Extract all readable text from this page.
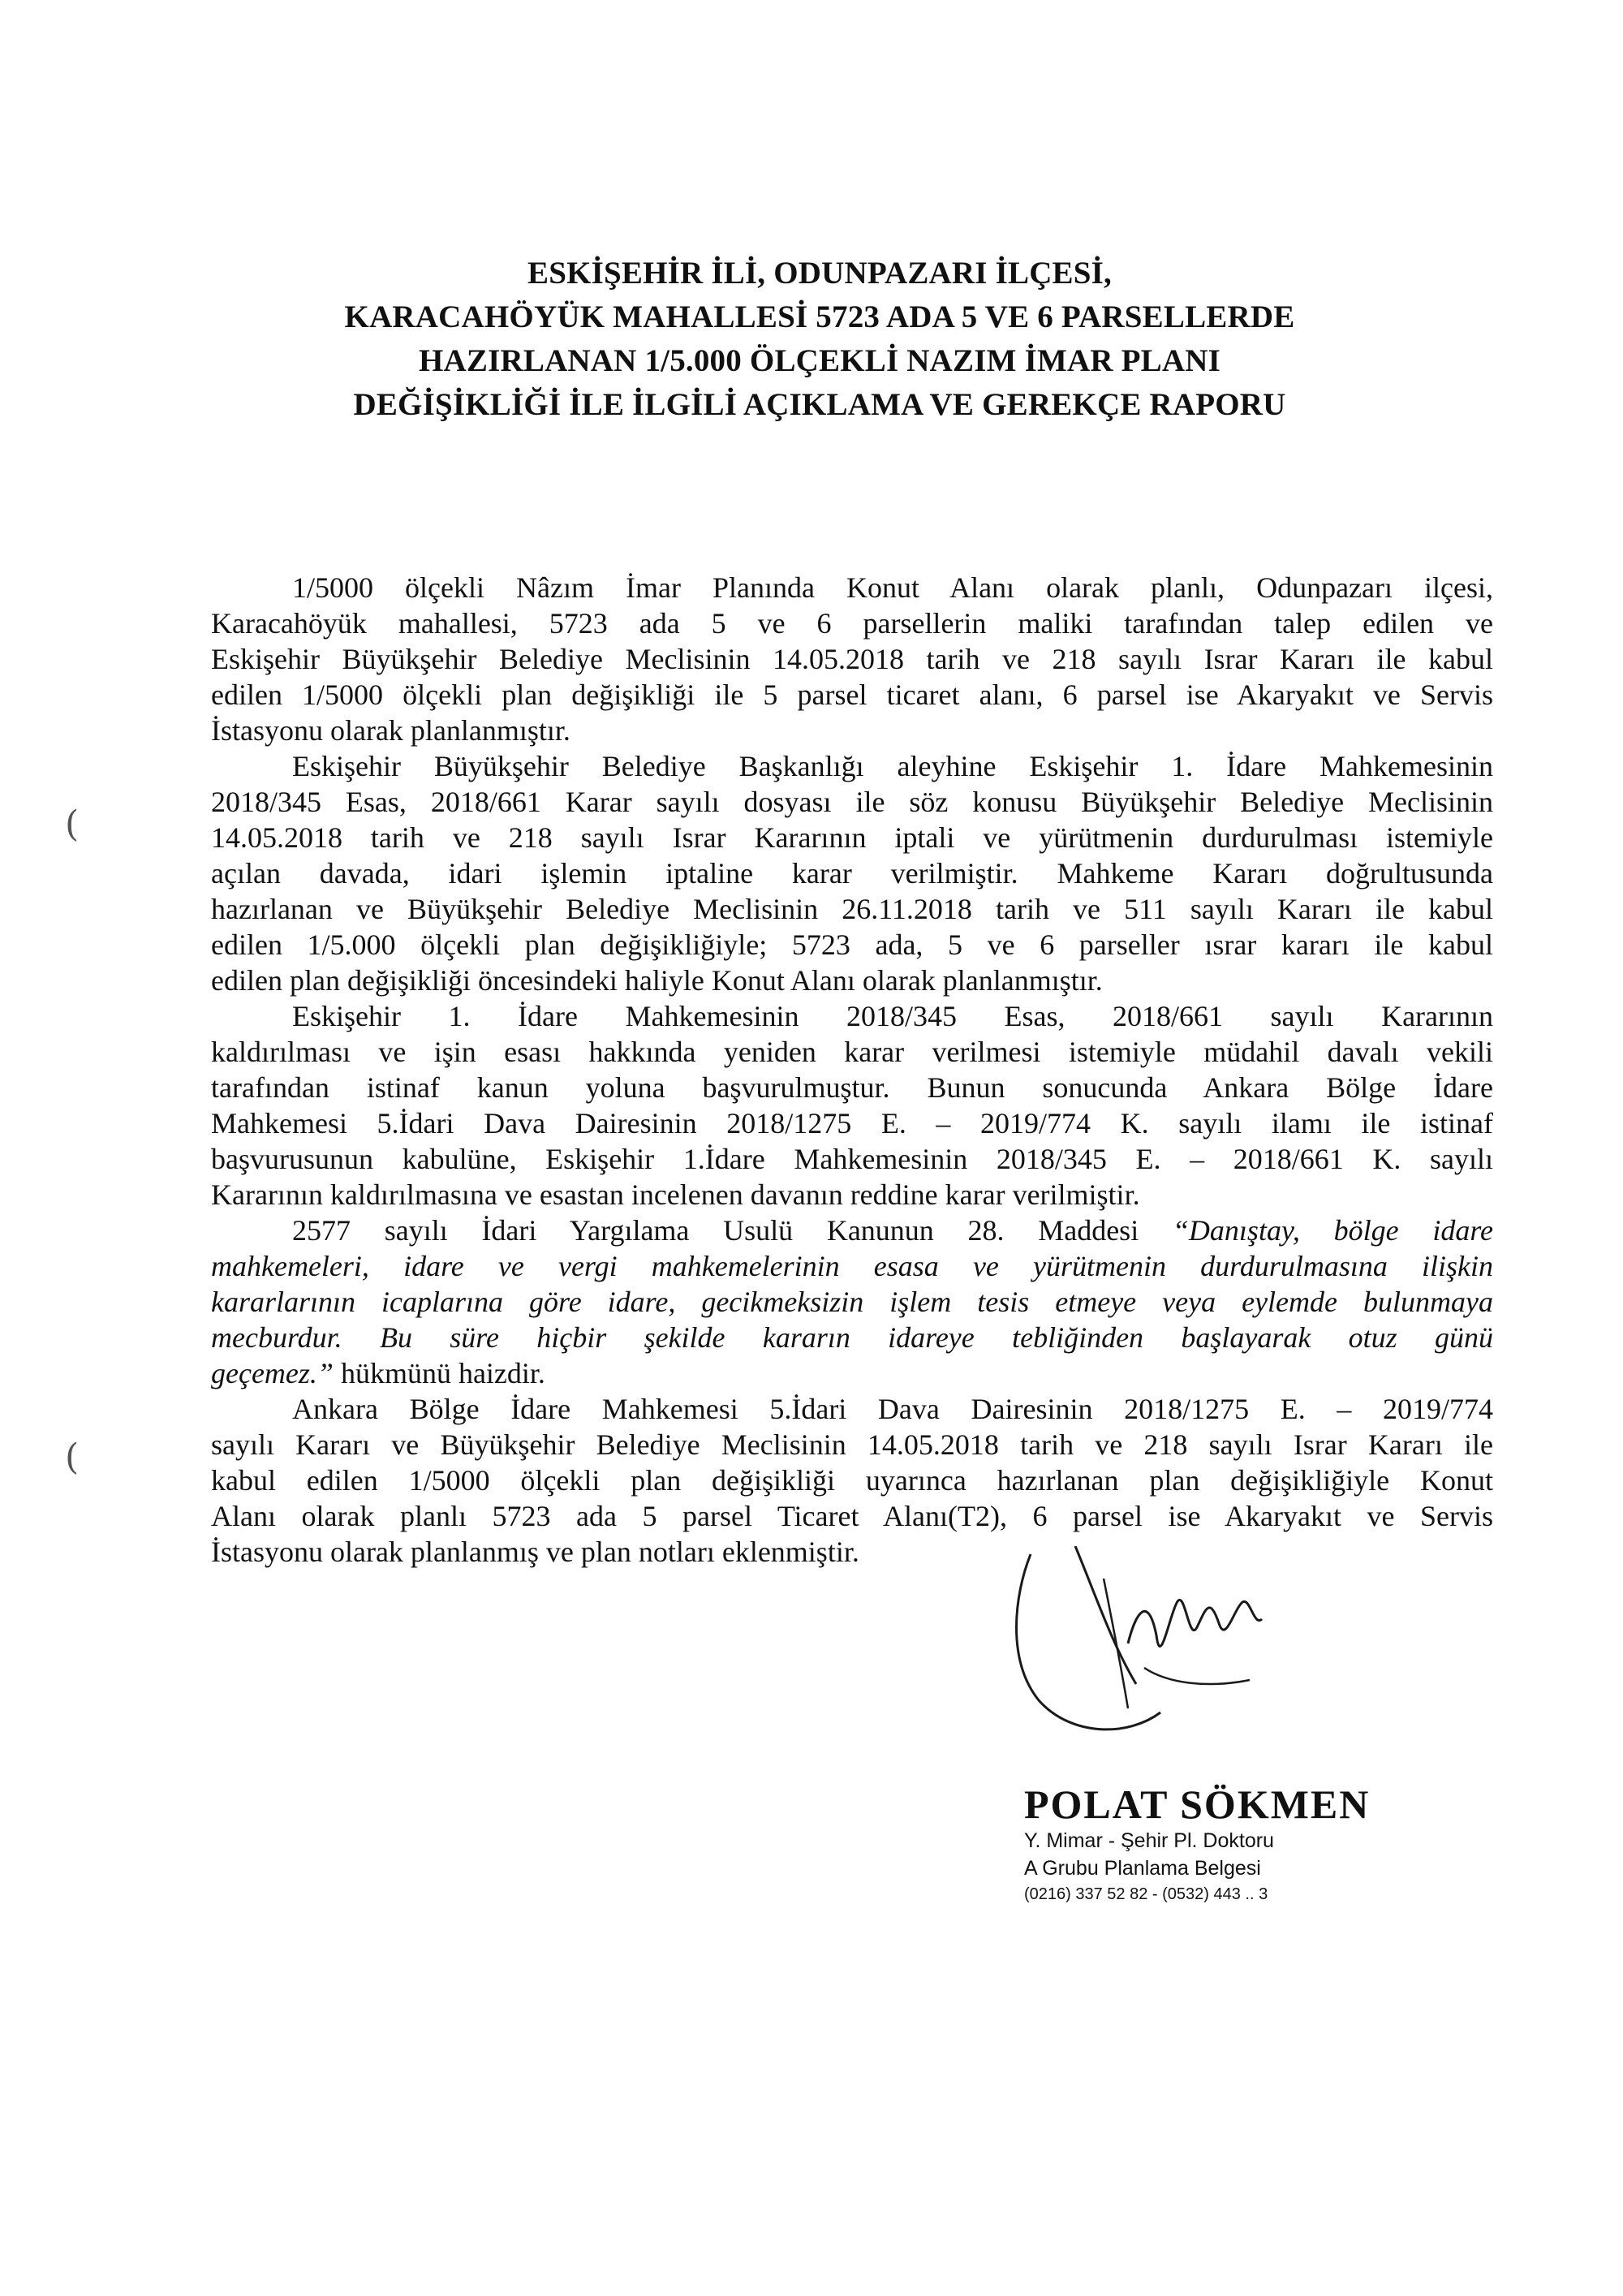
ESKİŞEHİR İLİ, ODUNPAZARI İLÇESİ,
KARACAHÖYÜK MAHALLESİ 5723 ADA 5 VE 6 PARSELLERDE
HAZIRLANAN 1/5.000 ÖLÇEKLİ NAZIM İMAR PLANI
DEĞİŞİKLİĞİ İLE İLGİLİ AÇIKLAMA VE GEREKÇE RAPORU
(
(
1/5000 ölçekli Nâzım İmar Planında Konut Alanı olarak planlı, Odunpazarı ilçesi,
Karacahöyük mahallesi, 5723 ada 5 ve 6 parsellerin maliki tarafından talep edilen ve
Eskişehir Büyükşehir Belediye Meclisinin 14.05.2018 tarih ve 218 sayılı Israr Kararı ile kabul
edilen 1/5000 ölçekli plan değişikliği ile 5 parsel ticaret alanı, 6 parsel ise Akaryakıt ve Servis
İstasyonu olarak planlanmıştır.
Eskişehir Büyükşehir Belediye Başkanlığı aleyhine Eskişehir 1. İdare Mahkemesinin
2018/345 Esas, 2018/661 Karar sayılı dosyası ile söz konusu Büyükşehir Belediye Meclisinin
14.05.2018 tarih ve 218 sayılı Israr Kararının iptali ve yürütmenin durdurulması istemiyle
açılan davada, idari işlemin iptaline karar verilmiştir. Mahkeme Kararı doğrultusunda
hazırlanan ve Büyükşehir Belediye Meclisinin 26.11.2018 tarih ve 511 sayılı Kararı ile kabul
edilen 1/5.000 ölçekli plan değişikliğiyle; 5723 ada, 5 ve 6 parseller ısrar kararı ile kabul
edilen plan değişikliği öncesindeki haliyle Konut Alanı olarak planlanmıştır.
Eskişehir 1. İdare Mahkemesinin 2018/345 Esas, 2018/661 sayılı Kararının
kaldırılması ve işin esası hakkında yeniden karar verilmesi istemiyle müdahil davalı vekili
tarafından istinaf kanun yoluna başvurulmuştur. Bunun sonucunda Ankara Bölge İdare
Mahkemesi 5.İdari Dava Dairesinin 2018/1275 E. – 2019/774 K. sayılı ilamı ile istinaf
başvurusunun kabulüne, Eskişehir 1.İdare Mahkemesinin 2018/345 E. – 2018/661 K. sayılı
Kararının kaldırılmasına ve esastan incelenen davanın reddine karar verilmiştir.
2577 sayılı İdari Yargılama Usulü Kanunun 28. Maddesi “Danıştay, bölge idare
mahkemeleri, idare ve vergi mahkemelerinin esasa ve yürütmenin durdurulmasına ilişkin
kararlarının icaplarına göre idare, gecikmeksizin işlem tesis etmeye veya eylemde bulunmaya
mecburdur. Bu süre hiçbir şekilde kararın idareye tebliğinden başlayarak otuz günü
geçemez.” hükmünü haizdir.
Ankara Bölge İdare Mahkemesi 5.İdari Dava Dairesinin 2018/1275 E. – 2019/774
sayılı Kararı ve Büyükşehir Belediye Meclisinin 14.05.2018 tarih ve 218 sayılı Israr Kararı ile
kabul edilen 1/5000 ölçekli plan değişikliği uyarınca hazırlanan plan değişikliğiyle Konut
Alanı olarak planlı 5723 ada 5 parsel Ticaret Alanı(T2), 6 parsel ise Akaryakıt ve Servis
İstasyonu olarak planlanmış ve plan notları eklenmiştir.
POLAT SÖKMEN
Y. Mimar - Şehir Pl. Doktoru
A Grubu Planlama Belgesi
(0216) 337 52 82 - (0532) 443 .. 3
